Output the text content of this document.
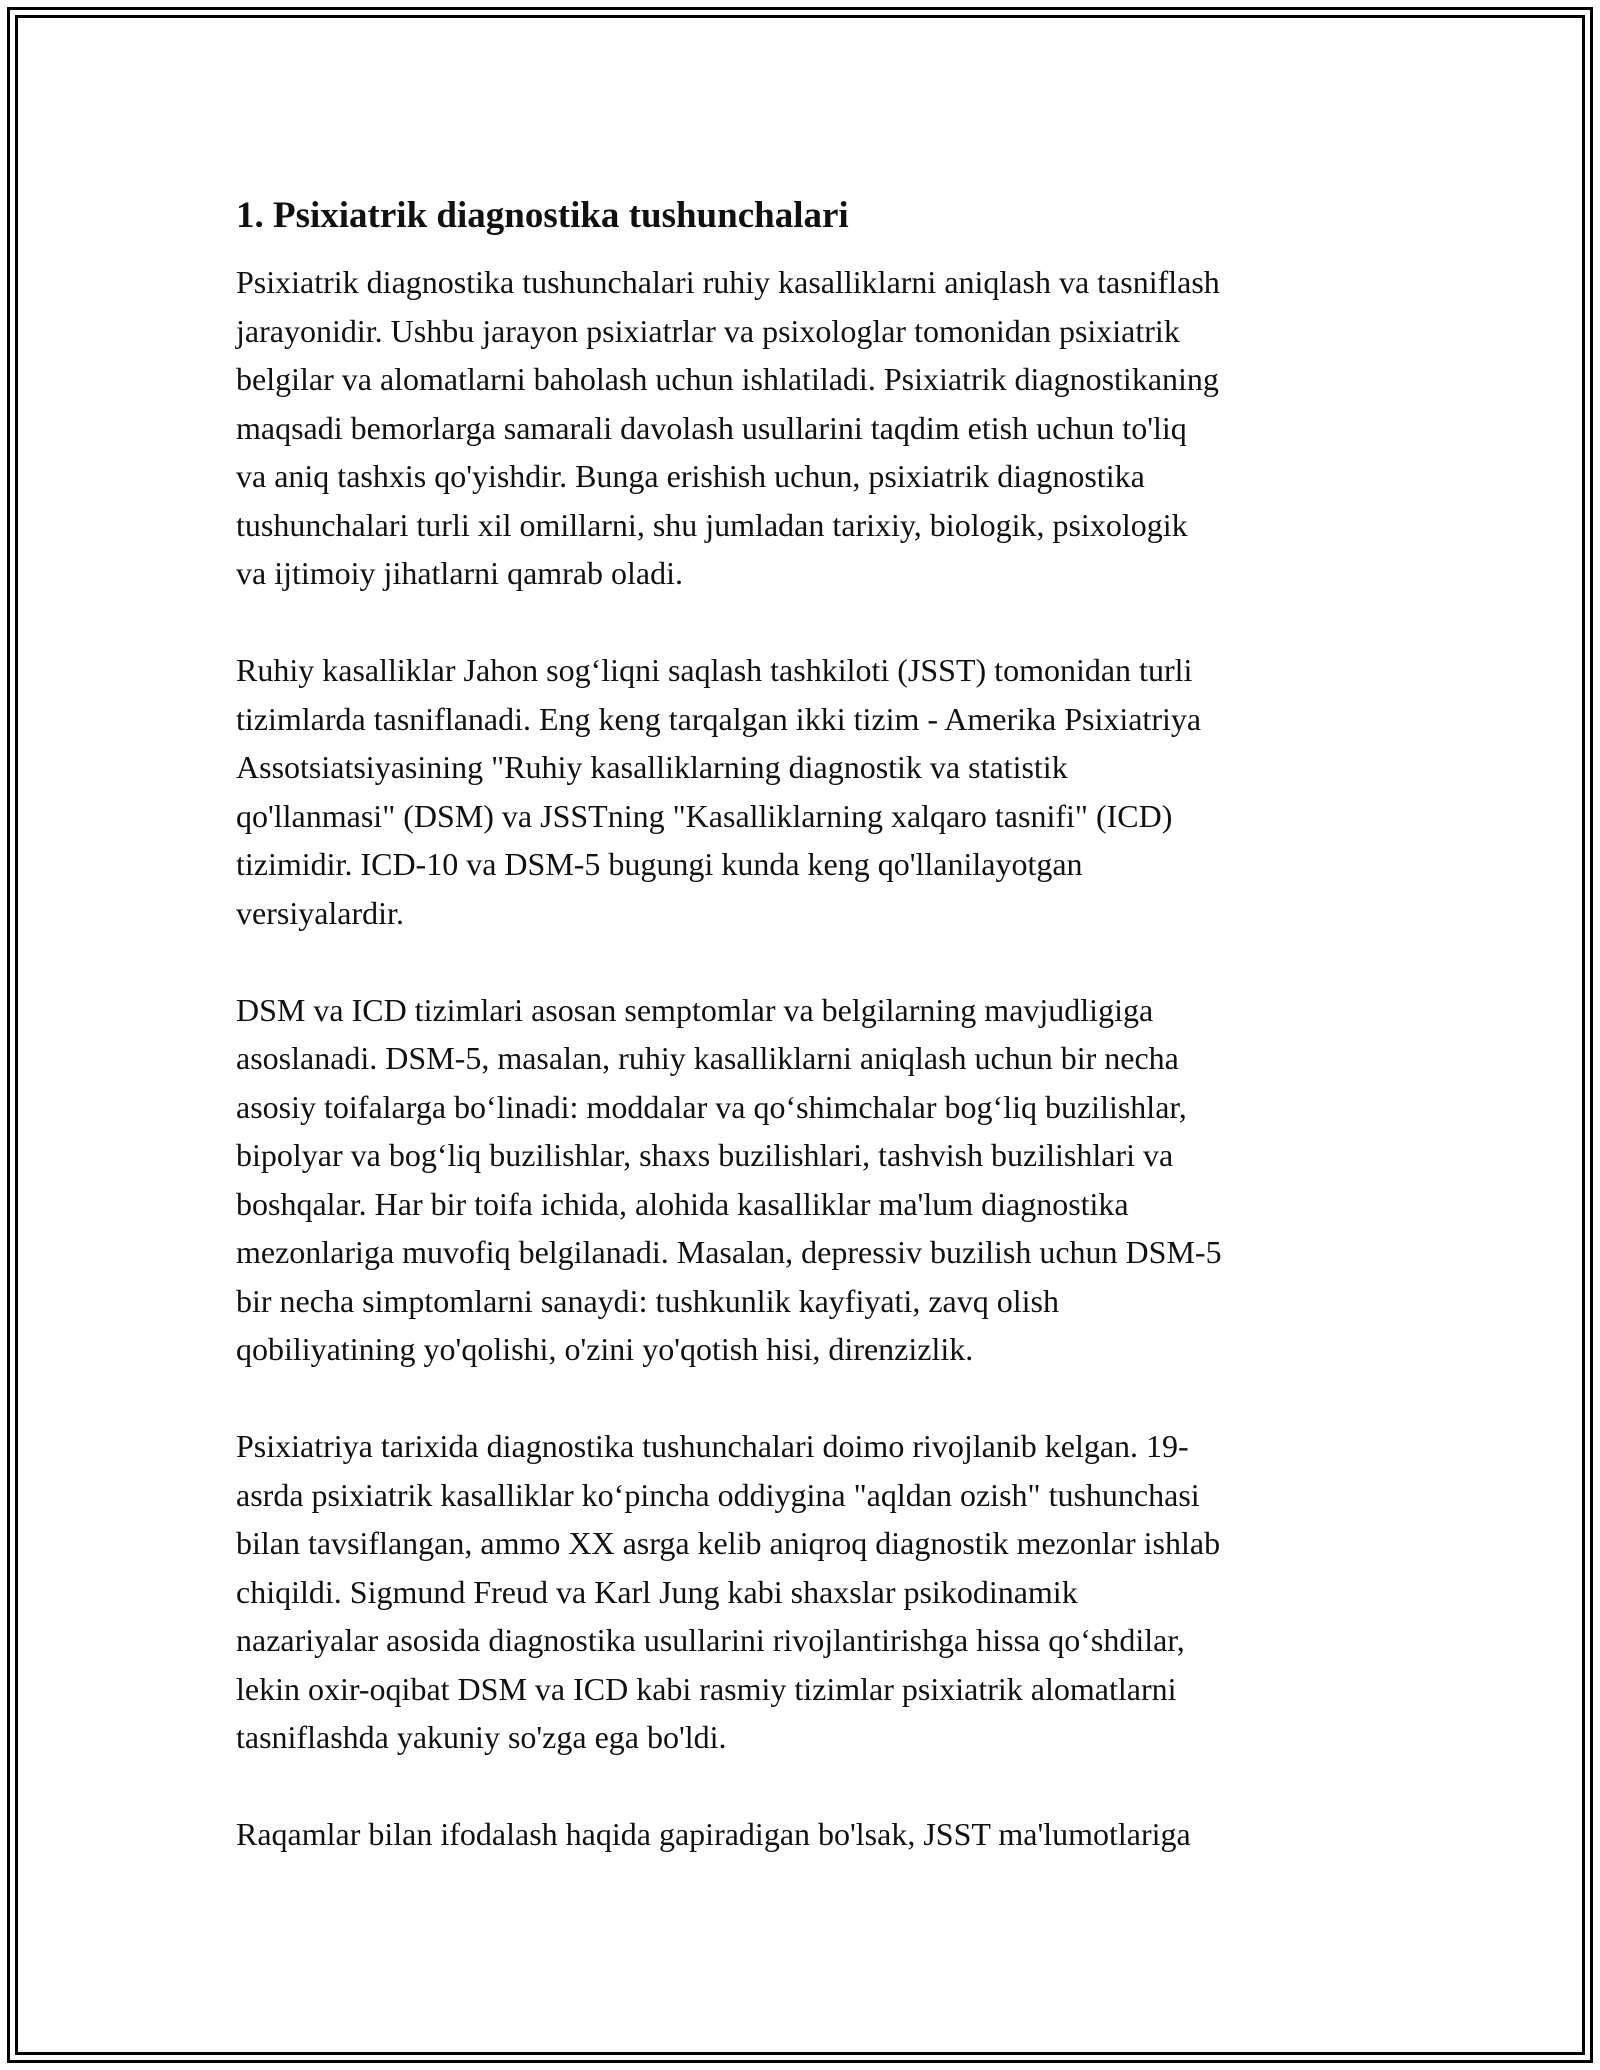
1. Psixiatrik diagnostika tushunchalari

Psixiatrik diagnostika tushunchalari ruhiy kasalliklarni aniqlash va tasniflash
jarayonidir. Ushbu jarayon psixiatrlar va psixologlar tomonidan psixiatrik
belgilar va alomatlarni baholash uchun ishlatiladi. Psixiatrik diagnostikaning
maqsadi bemorlarga samarali davolash usullarini taqdim etish uchun to'liq
va aniq tashxis qo'yishdir. Bunga erishish uchun, psixiatrik diagnostika
tushunchalari turli xil omillarni, shu jumladan tarixiy, biologik, psixologik
va ijtimoiy jihatlarni qamrab oladi.

Ruhiy kasalliklar Jahon sog‘liqni saqlash tashkiloti (JSST) tomonidan turli
tizimlarda tasniflanadi. Eng keng tarqalgan ikki tizim - Amerika Psixiatriya
Assotsiatsiyasining "Ruhiy kasalliklarning diagnostik va statistik
qo'llanmasi" (DSM) va JSSTning "Kasalliklarning xalqaro tasnifi" (ICD)
tizimidir. ICD-10 va DSM-5 bugungi kunda keng qo'llanilayotgan
versiyalardir.

DSM va ICD tizimlari asosan semptomlar va belgilarning mavjudligiga
asoslanadi. DSM-5, masalan, ruhiy kasalliklarni aniqlash uchun bir necha
asosiy toifalarga bo‘linadi: moddalar va qo‘shimchalar bog‘liq buzilishlar,
bipolyar va bog‘liq buzilishlar, shaxs buzilishlari, tashvish buzilishlari va
boshqalar. Har bir toifa ichida, alohida kasalliklar ma'lum diagnostika
mezonlariga muvofiq belgilanadi. Masalan, depressiv buzilish uchun DSM-5
bir necha simptomlarni sanaydi: tushkunlik kayfiyati, zavq olish
qobiliyatining yo'qolishi, o'zini yo'qotish hisi, direnzizlik.

Psixiatriya tarixida diagnostika tushunchalari doimo rivojlanib kelgan. 19-
asrda psixiatrik kasalliklar ko‘pincha oddiygina "aqldan ozish" tushunchasi
bilan tavsiflangan, ammo XX asrga kelib aniqroq diagnostik mezonlar ishlab
chiqildi. Sigmund Freud va Karl Jung kabi shaxslar psikodinamik
nazariyalar asosida diagnostika usullarini rivojlantirishga hissa qo‘shdilar,
lekin oxir-oqibat DSM va ICD kabi rasmiy tizimlar psixiatrik alomatlarni
tasniflashda yakuniy so'zga ega bo'ldi.

Raqamlar bilan ifodalash haqida gapiradigan bo'lsak, JSST ma'lumotlariga
